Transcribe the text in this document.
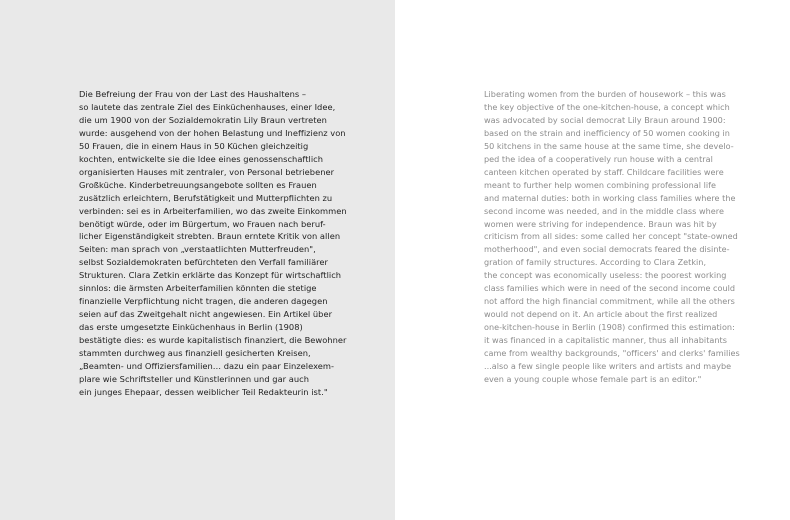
Die Befreiung der Frau von der Last des Haushaltens –
so lautete das zentrale Ziel des Einküchenhauses, einer Idee,
die um 1900 von der Sozialdemokratin Lily Braun vertreten
wurde: ausgehend von der hohen Belastung und Ineffizienz von
50 Frauen, die in einem Haus in 50 Küchen gleichzeitig
kochten, entwickelte sie die Idee eines genossenschaftlich
organisierten Hauses mit zentraler, von Personal betriebener
Großküche. Kinderbetreuungsangebote sollten es Frauen
zusätzlich erleichtern, Berufstätigkeit und Mutterpflichten zu
verbinden: sei es in Arbeiterfamilien, wo das zweite Einkommen
benötigt würde, oder im Bürgertum, wo Frauen nach beruf-
licher Eigenständigkeit strebten. Braun erntete Kritik von allen
Seiten: man sprach von „verstaatlichten Mutterfreuden",
selbst Sozialdemokraten befürchteten den Verfall familiärer
Strukturen. Clara Zetkin erklärte das Konzept für wirtschaftlich
sinnlos: die ärmsten Arbeiterfamilien könnten die stetige
finanzielle Verpflichtung nicht tragen, die anderen dagegen
seien auf das Zweitgehalt nicht angewiesen. Ein Artikel über
das erste umgesetzte Einküchenhaus in Berlin (1908)
bestätigte dies: es wurde kapitalistisch finanziert, die Bewohner
stammten durchweg aus finanziell gesicherten Kreisen,
„Beamten- und Offiziersfamilien… dazu ein paar Einzelexem-
plare wie Schriftsteller und Künstlerinnen und gar auch
ein junges Ehepaar, dessen weiblicher Teil Redakteurin ist."

Liberating women from the burden of housework – this was
the key objective of the one-kitchen-house, a concept which
was advocated by social democrat Lily Braun around 1900:
based on the strain and inefficiency of 50 women cooking in
50 kitchens in the same house at the same time, she develo-
ped the idea of a cooperatively run house with a central
canteen kitchen operated by staff. Childcare facilities were
meant to further help women combining professional life
and maternal duties: both in working class families where the
second income was needed, and in the middle class where
women were striving for independence. Braun was hit by
criticism from all sides: some called her concept "state-owned
motherhood", and even social democrats feared the disinte-
gration of family structures. According to Clara Zetkin,
the concept was economically useless: the poorest working
class families which were in need of the second income could
not afford the high financial commitment, while all the others
would not depend on it. An article about the first realized
one-kitchen-house in Berlin (1908) confirmed this estimation:
it was financed in a capitalistic manner, thus all inhabitants
came from wealthy backgrounds, "officers' and clerks' families
...also a few single people like writers and artists and maybe
even a young couple whose female part is an editor."
